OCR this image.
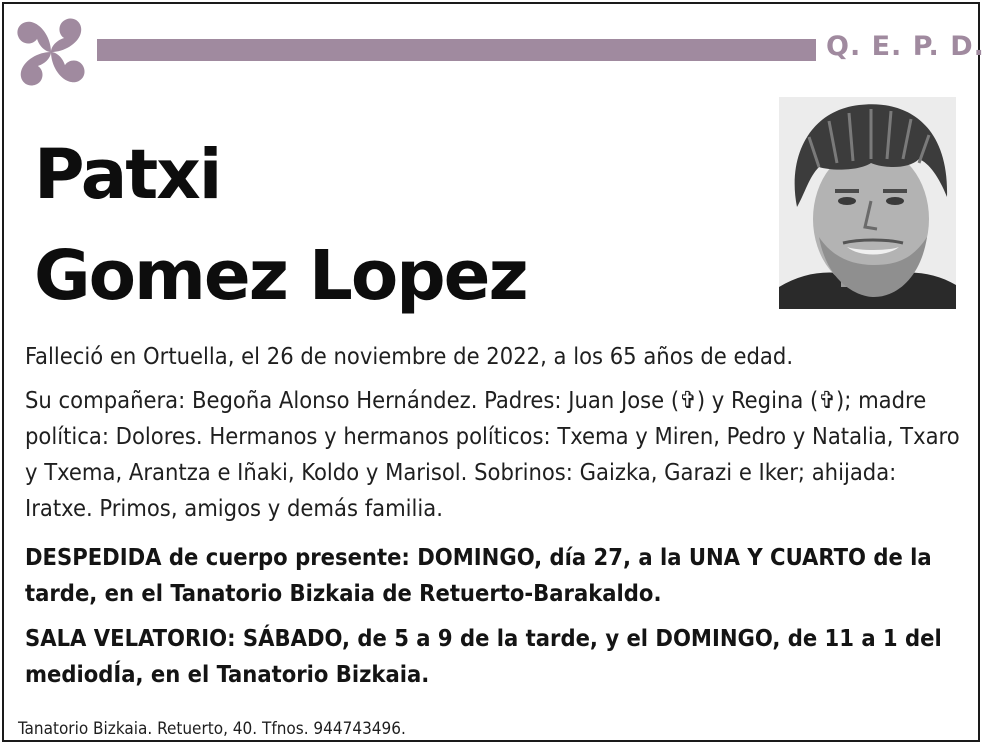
Q. E. P. D.
Patxi
Gomez Lopez

Falleció en Ortuella, el 26 de noviembre de 2022, a los 65 años de edad.

Su compañera: Begoña Alonso Hernández. Padres: Juan Jose (✞) y Regina (✞); madre política: Dolores. Hermanos y hermanos políticos: Txema y Miren, Pedro y Natalia, Txaro y Txema, Arantza e Iñaki, Koldo y Marisol. Sobrinos: Gaizka, Garazi e Iker; ahijada: Iratxe. Primos, amigos y demás familia.

DESPEDIDA de cuerpo presente: DOMINGO, día 27, a la UNA Y CUARTO de la tarde, en el Tanatorio Bizkaia de Retuerto-Barakaldo.

SALA VELATORIO: SÁBADO, de 5 a 9 de la tarde, y el DOMINGO, de 11 a 1 del mediodÍa, en el Tanatorio Bizkaia.

Tanatorio Bizkaia. Retuerto, 40. Tfnos. 944743496.
